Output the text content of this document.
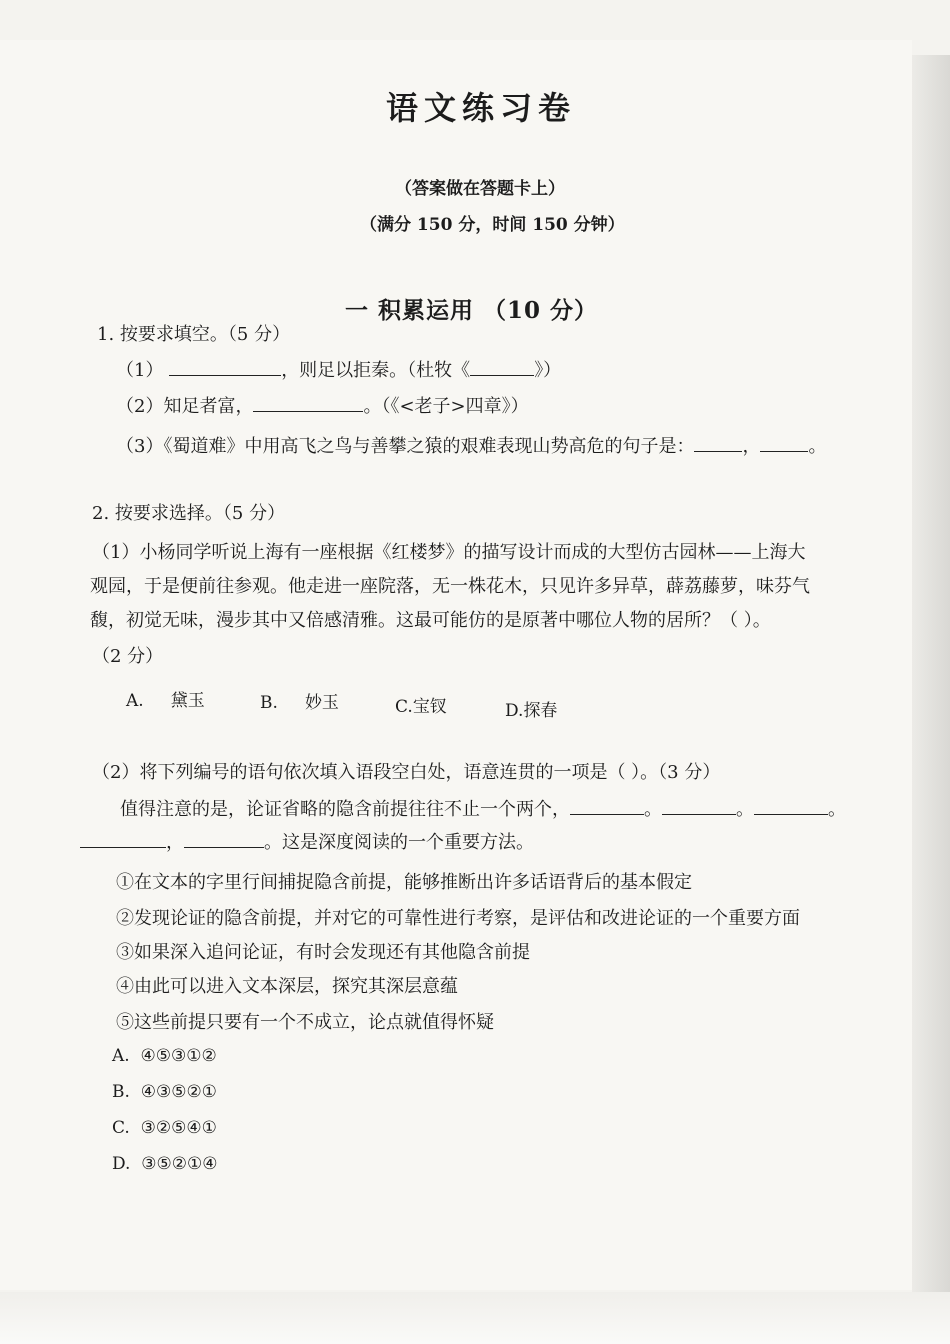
语文练习卷
（答案做在答题卡上）
（满分 150 分，时间 150 分钟）
一 积累运用 （10 分）
1. 按要求填空。（5 分）
（1）	，则足以拒秦。（杜牧《	》）
（2）知足者富，	。（《<老子>四章》）
（3）《蜀道难》中用高飞之鸟与善攀之猿的艰难表现山势高危的句子是：	，	。
2. 按要求选择。（5 分）
（1）小杨同学听说上海有一座根据《红楼梦》的描写设计而成的大型仿古园林——上海大
观园，于是便前往参观。他走进一座院落，无一株花木，只见许多异草，薜荔藤萝，味芬气
馥，初觉无味，漫步其中又倍感清雅。这最可能仿的是原著中哪位人物的居所？（ ）。
（2 分）
A. 黛玉	B. 妙玉	C.宝钗	D.探春
（2）将下列编号的语句依次填入语段空白处，语意连贯的一项是（ ）。（3 分）
值得注意的是，论证省略的隐含前提往往不止一个两个，	。	。	。
，	。这是深度阅读的一个重要方法。
①在文本的字里行间捕捉隐含前提，能够推断出许多话语背后的基本假定
②发现论证的隐含前提，并对它的可靠性进行考察，是评估和改进论证的一个重要方面
③如果深入追问论证，有时会发现还有其他隐含前提
④由此可以进入文本深层，探究其深层意蕴
⑤这些前提只要有一个不成立，论点就值得怀疑
A. ④⑤③①②
B. ④③⑤②①
C. ③②⑤④①
D. ③⑤②①④
